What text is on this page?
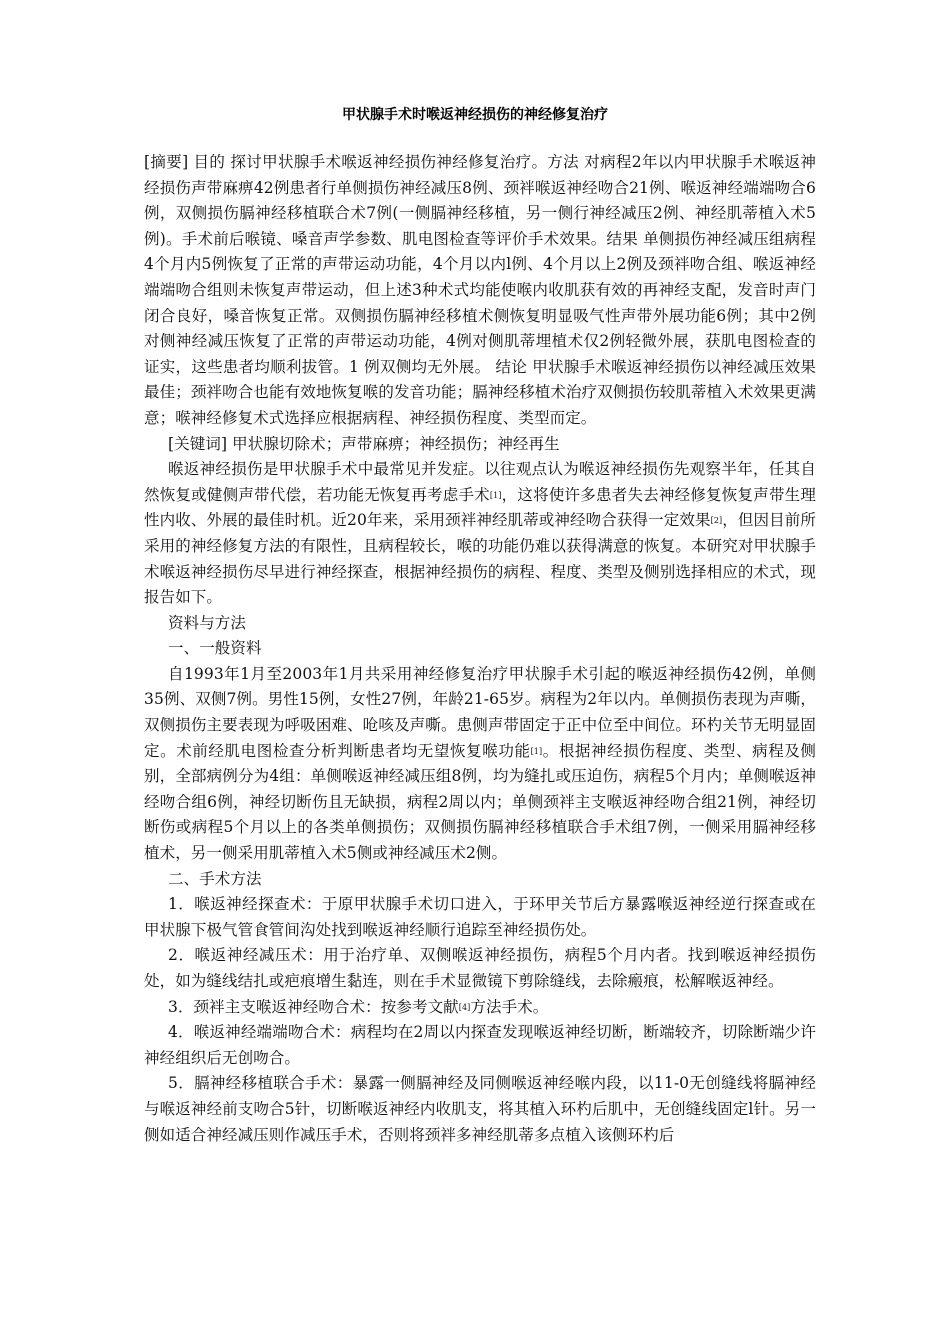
甲状腺手术时喉返神经损伤的神经修复治疗

[摘要] 目的 探讨甲状腺手术喉返神经损伤神经修复治疗。方法 对病程2年以内甲状腺手术喉返神经损伤声带麻痹42例患者行单侧损伤神经减压8例、颈袢喉返神经吻合21例、喉返神经端端吻合6例，双侧损伤膈神经移植联合术7例(一侧膈神经移植，另一侧行神经减压2例、神经肌蒂植入术5例)。手术前后喉镜、嗓音声学参数、肌电图检查等评价手术效果。结果 单侧损伤神经减压组病程4个月内5例恢复了正常的声带运动功能，4个月以内l例、4个月以上2例及颈袢吻合组、喉返神经端端吻合组则未恢复声带运动，但上述3种术式均能使喉内收肌获有效的再神经支配，发音时声门闭合良好，嗓音恢复正常。双侧损伤膈神经移植术侧恢复明显吸气性声带外展功能6例；其中2例对侧神经减压恢复了正常的声带运动功能，4例对侧肌蒂埋植术仅2例轻微外展，获肌电图检查的证实，这些患者均顺利拔管。1 例双侧均无外展。 结论 甲状腺手术喉返神经损伤以神经减压效果最佳；颈袢吻合也能有效地恢复喉的发音功能；膈神经移植术治疗双侧损伤较肌蒂植入术效果更满意；喉神经修复术式选择应根据病程、神经损伤程度、类型而定。

[关键词] 甲状腺切除术；声带麻痹；神经损伤；神经再生

喉返神经损伤是甲状腺手术中最常见并发症。以往观点认为喉返神经损伤先观察半年，任其自然恢复或健侧声带代偿，若功能无恢复再考虑手术[1]，这将使许多患者失去神经修复恢复声带生理性内收、外展的最佳时机。近20年来，采用颈袢神经肌蒂或神经吻合获得一定效果[2]，但因目前所采用的神经修复方法的有限性，且病程较长，喉的功能仍难以获得满意的恢复。本研究对甲状腺手术喉返神经损伤尽早进行神经探查，根据神经损伤的病程、程度、类型及侧别选择相应的术式，现报告如下。

资料与方法

一、一般资料

自1993年1月至2003年1月共采用神经修复治疗甲状腺手术引起的喉返神经损伤42例，单侧35例、双侧7例。男性15例，女性27例，年龄21-65岁。病程为2年以内。单侧损伤表现为声嘶，双侧损伤主要表现为呼吸困难、呛咳及声嘶。患侧声带固定于正中位至中间位。环杓关节无明显固定。术前经肌电图检查分析判断患者均无望恢复喉功能[1]。根据神经损伤程度、类型、病程及侧别，全部病例分为4组：单侧喉返神经减压组8例，均为缝扎或压迫伤，病程5个月内；单侧喉返神经吻合组6例，神经切断伤且无缺损，病程2周以内；单侧颈袢主支喉返神经吻合组21例，神经切断伤或病程5个月以上的各类单侧损伤；双侧损伤膈神经移植联合手术组7例，一侧采用膈神经移植术，另一侧采用肌蒂植入术5侧或神经减压术2侧。

二、手术方法

1．喉返神经探查术：于原甲状腺手术切口进入，于环甲关节后方暴露喉返神经逆行探查或在甲状腺下极气管食管间沟处找到喉返神经顺行追踪至神经损伤处。

2．喉返神经减压术：用于治疗单、双侧喉返神经损伤，病程5个月内者。找到喉返神经损伤处，如为缝线结扎或疤痕增生黏连，则在手术显微镜下剪除缝线，去除瘢痕，松解喉返神经。

3．颈袢主支喉返神经吻合术：按参考文献[4]方法手术。

4．喉返神经端端吻合术：病程均在2周以内探查发现喉返神经切断，断端较齐，切除断端少许神经组织后无创吻合。

5．膈神经移植联合手术：暴露一侧膈神经及同侧喉返神经喉内段，以11-0无创缝线将膈神经与喉返神经前支吻合5针，切断喉返神经内收肌支，将其植入环杓后肌中，无创缝线固定l针。另一侧如适合神经减压则作减压手术，否则将颈袢多神经肌蒂多点植入该侧环杓后
